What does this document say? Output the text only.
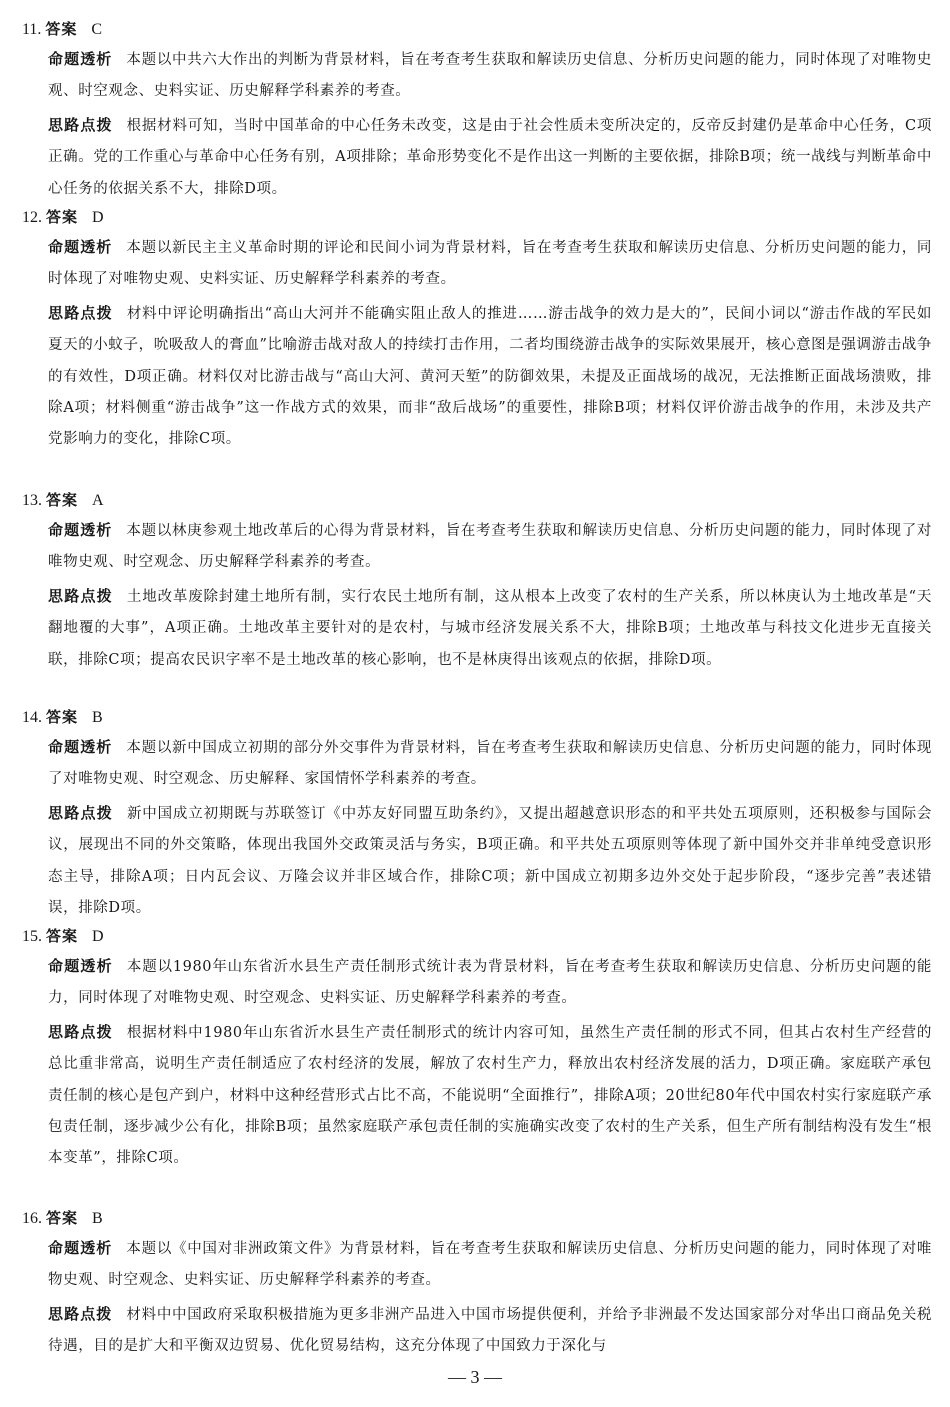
11. 答案 C
命题透析 本题以中共六大作出的判断为背景材料，旨在考查考生获取和解读历史信息、分析历史问题的能力，同时体现了对唯物史观、时空观念、史料实证、历史解释学科素养的考查。
思路点拨 根据材料可知，当时中国革命的中心任务未改变，这是由于社会性质未变所决定的，反帝反封建仍是革命中心任务，C项正确。党的工作重心与革命中心任务有别，A项排除；革命形势变化不是作出这一判断的主要依据，排除B项；统一战线与判断革命中心任务的依据关系不大，排除D项。
12. 答案 D
命题透析 本题以新民主主义革命时期的评论和民间小词为背景材料，旨在考查考生获取和解读历史信息、分析历史问题的能力，同时体现了对唯物史观、史料实证、历史解释学科素养的考查。
思路点拨 材料中评论明确指出“高山大河并不能确实阻止敌人的推进……游击战争的效力是大的”，民间小词以“游击作战的军民如夏天的小蚊子，吮吸敌人的膏血”比喻游击战对敌人的持续打击作用，二者均围绕游击战争的实际效果展开，核心意图是强调游击战争的有效性，D项正确。材料仅对比游击战与“高山大河、黄河天堑”的防御效果，未提及正面战场的战况，无法推断正面战场溃败，排除A项；材料侧重“游击战争”这一作战方式的效果，而非“敌后战场”的重要性，排除B项；材料仅评价游击战争的作用，未涉及共产党影响力的变化，排除C项。
13. 答案 A
命题透析 本题以林庚参观土地改革后的心得为背景材料，旨在考查考生获取和解读历史信息、分析历史问题的能力，同时体现了对唯物史观、时空观念、历史解释学科素养的考查。
思路点拨 土地改革废除封建土地所有制，实行农民土地所有制，这从根本上改变了农村的生产关系，所以林庚认为土地改革是“天翻地覆的大事”，A项正确。土地改革主要针对的是农村，与城市经济发展关系不大，排除B项；土地改革与科技文化进步无直接关联，排除C项；提高农民识字率不是土地改革的核心影响，也不是林庚得出该观点的依据，排除D项。
14. 答案 B
命题透析 本题以新中国成立初期的部分外交事件为背景材料，旨在考查考生获取和解读历史信息、分析历史问题的能力，同时体现了对唯物史观、时空观念、历史解释、家国情怀学科素养的考查。
思路点拨 新中国成立初期既与苏联签订《中苏友好同盟互助条约》，又提出超越意识形态的和平共处五项原则，还积极参与国际会议，展现出不同的外交策略，体现出我国外交政策灵活与务实，B项正确。和平共处五项原则等体现了新中国外交并非单纯受意识形态主导，排除A项；日内瓦会议、万隆会议并非区域合作，排除C项；新中国成立初期多边外交处于起步阶段，“逐步完善”表述错误，排除D项。
15. 答案 D
命题透析 本题以1980年山东省沂水县生产责任制形式统计表为背景材料，旨在考查考生获取和解读历史信息、分析历史问题的能力，同时体现了对唯物史观、时空观念、史料实证、历史解释学科素养的考查。
思路点拨 根据材料中1980年山东省沂水县生产责任制形式的统计内容可知，虽然生产责任制的形式不同，但其占农村生产经营的总比重非常高，说明生产责任制适应了农村经济的发展，解放了农村生产力，释放出农村经济发展的活力，D项正确。家庭联产承包责任制的核心是包产到户，材料中这种经营形式占比不高，不能说明“全面推行”，排除A项；20世纪80年代中国农村实行家庭联产承包责任制，逐步减少公有化，排除B项；虽然家庭联产承包责任制的实施确实改变了农村的生产关系，但生产所有制结构没有发生“根本变革”，排除C项。
16. 答案 B
命题透析 本题以《中国对非洲政策文件》为背景材料，旨在考查考生获取和解读历史信息、分析历史问题的能力，同时体现了对唯物史观、时空观念、史料实证、历史解释学科素养的考查。
思路点拨 材料中中国政府采取积极措施为更多非洲产品进入中国市场提供便利，并给予非洲最不发达国家部分对华出口商品免关税待遇，目的是扩大和平衡双边贸易、优化贸易结构，这充分体现了中国致力于深化与
— 3 —
